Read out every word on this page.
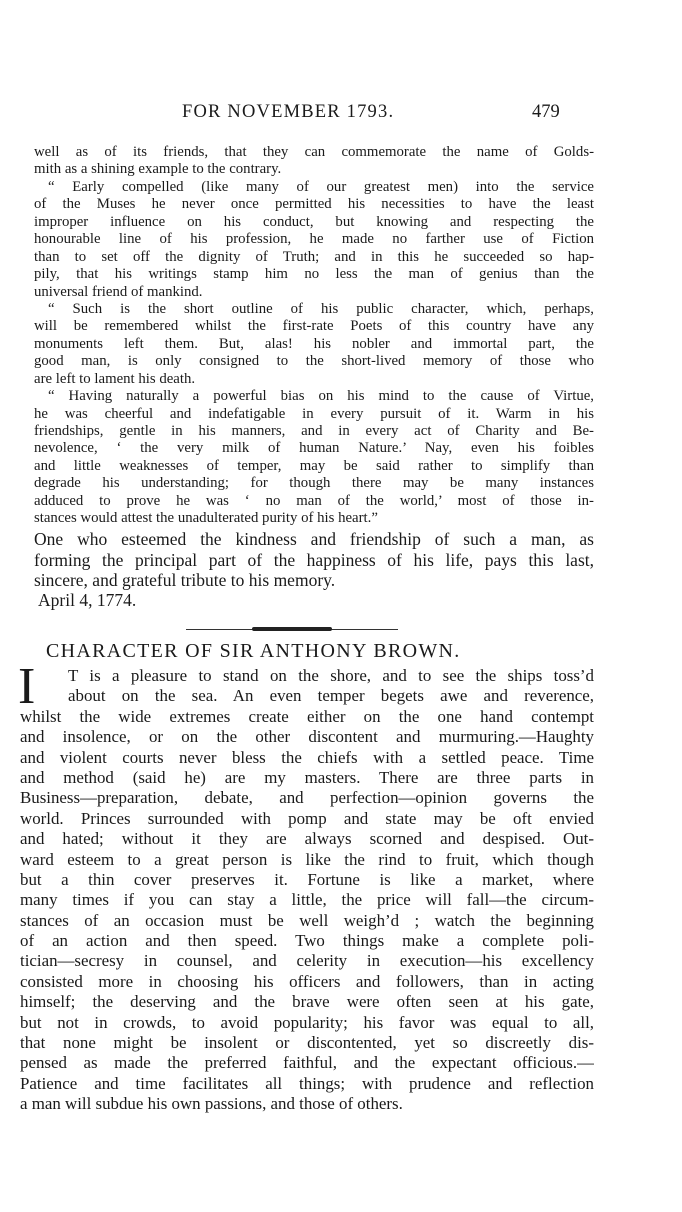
FOR NOVEMBER 1793.	479
well as of its friends, that they can commemorate the name of Golds-
mith as a shining example to the contrary.
“ Early compelled (like many of our greatest men) into the service
of the Muses he never once permitted his necessities to have the least
improper influence on his conduct, but knowing and respecting the
honourable line of his profession, he made no farther use of Fiction
than to set off the dignity of Truth; and in this he succeeded so hap-
pily, that his writings stamp him no less the man of genius than the
universal friend of mankind.
“ Such is the short outline of his public character, which, perhaps,
will be remembered whilst the first-rate Poets of this country have any
monuments left them. But, alas! his nobler and immortal part, the
good man, is only consigned to the short-lived memory of those who
are left to lament his death.
“ Having naturally a powerful bias on his mind to the cause of Virtue,
he was cheerful and indefatigable in every pursuit of it. Warm in his
friendships, gentle in his manners, and in every act of Charity and Be-
nevolence, ‘ the very milk of human Nature.’ Nay, even his foibles
and little weaknesses of temper, may be said rather to simplify than
degrade his understanding; for though there may be many instances
adduced to prove he was ‘ no man of the world,’ most of those in-
stances would attest the unadulterated purity of his heart.”
One who esteemed the kindness and friendship of such a man, as
forming the principal part of the happiness of his life, pays this last,
sincere, and grateful tribute to his memory.
April 4, 1774.
CHARACTER OF SIR ANTHONY BROWN.
I	T is a pleasure to stand on the shore, and to see the ships toss’d
about on the sea. An even temper begets awe and reverence,
whilst the wide extremes create either on the one hand contempt
and insolence, or on the other discontent and murmuring.—Haughty
and violent courts never bless the chiefs with a settled peace. Time
and method (said he) are my masters. There are three parts in
Business—preparation, debate, and perfection—opinion governs the
world. Princes surrounded with pomp and state may be oft envied
and hated; without it they are always scorned and despised. Out-
ward esteem to a great person is like the rind to fruit, which though
but a thin cover preserves it. Fortune is like a market, where
many times if you can stay a little, the price will fall—the circum-
stances of an occasion must be well weigh’d ; watch the beginning
of an action and then speed. Two things make a complete poli-
tician—secresy in counsel, and celerity in execution—his excellency
consisted more in choosing his officers and followers, than in acting
himself; the deserving and the brave were often seen at his gate,
but not in crowds, to avoid popularity; his favor was equal to all,
that none might be insolent or discontented, yet so discreetly dis-
pensed as made the preferred faithful, and the expectant officious.—
Patience and time facilitates all things; with prudence and reflection
a man will subdue his own passions, and those of others.
